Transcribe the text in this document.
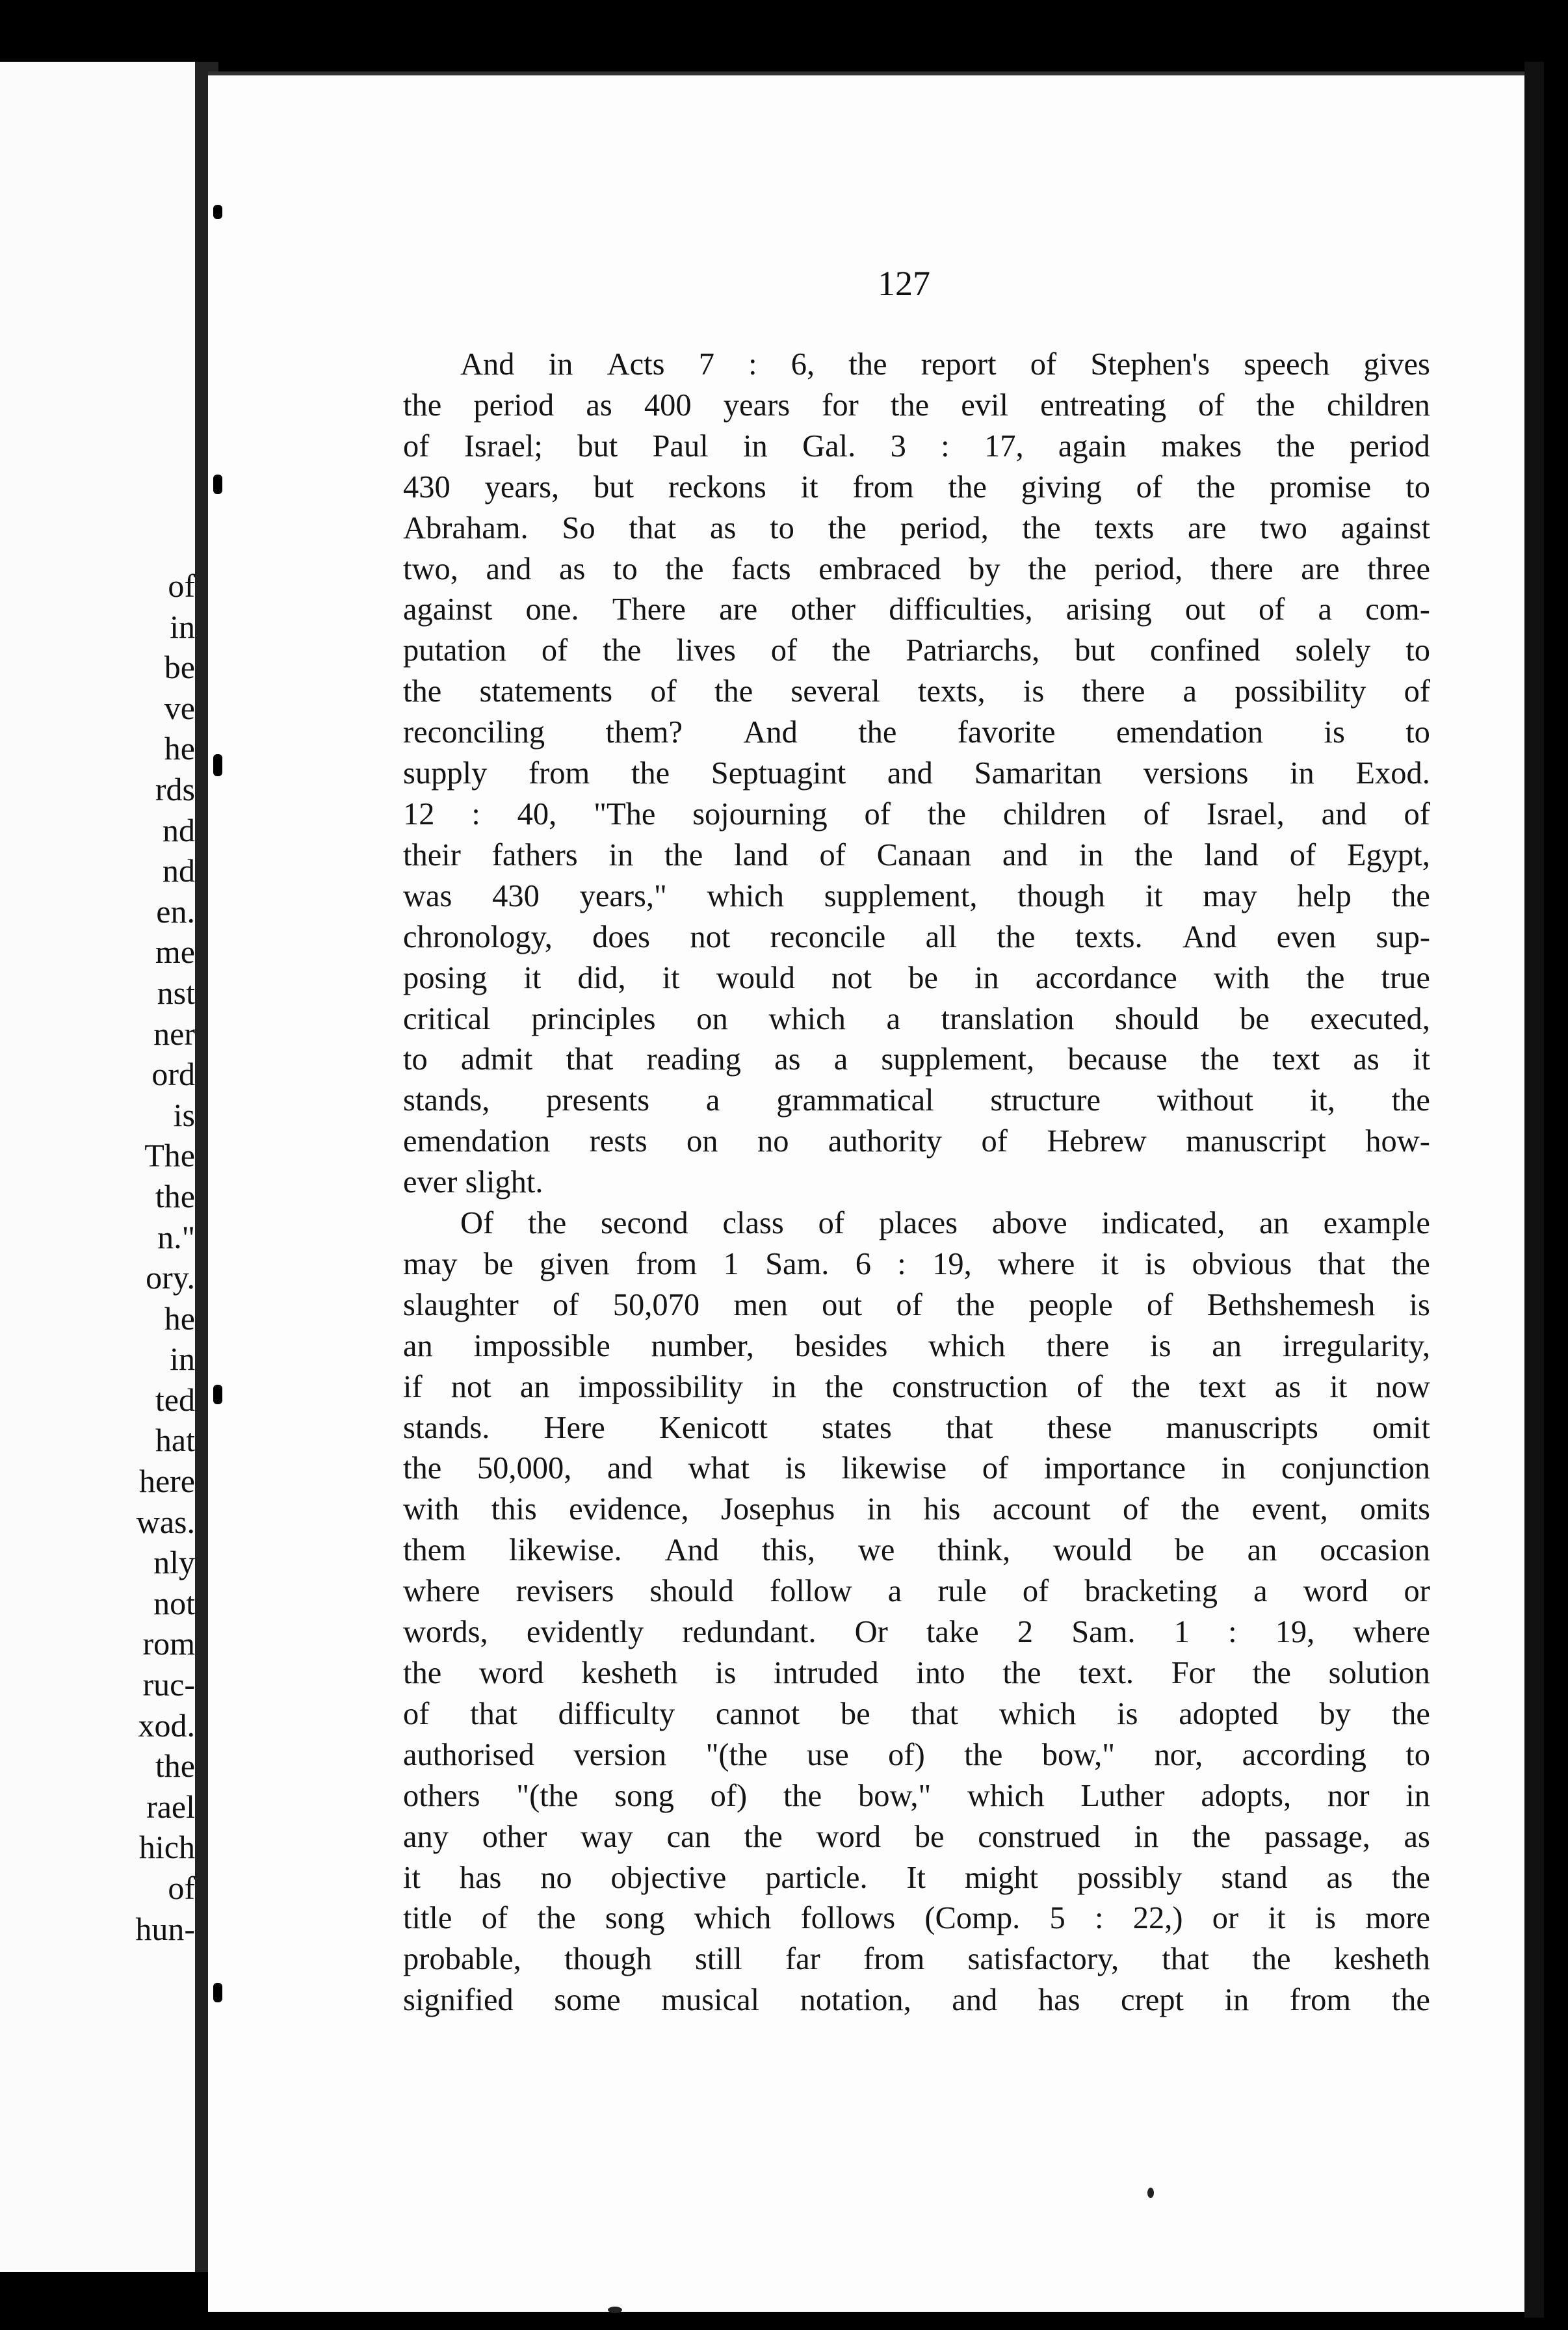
of
in
be
ve
he
rds
nd
nd
en.
me
nst
ner
ord
is
The
the
n."
ory.
he
in
ted
hat
here
was.
nly
not
rom
ruc-
xod.
the
rael
hich
of
hun-
127
And in Acts 7 : 6, the report of Stephen's speech gives
the period as 400 years for the evil entreating of the children
of Israel; but Paul in Gal. 3 : 17, again makes the period
430 years, but reckons it from the giving of the promise to
Abraham. So that as to the period, the texts are two against
two, and as to the facts embraced by the period, there are three
against one. There are other difficulties, arising out of a com-
putation of the lives of the Patriarchs, but confined solely to
the statements of the several texts, is there a possibility of
reconciling them? And the favorite emendation is to
supply from the Septuagint and Samaritan versions in Exod.
12 : 40, "The sojourning of the children of Israel, and of
their fathers in the land of Canaan and in the land of Egypt,
was 430 years," which supplement, though it may help the
chronology, does not reconcile all the texts. And even sup-
posing it did, it would not be in accordance with the true
critical principles on which a translation should be executed,
to admit that reading as a supplement, because the text as it
stands, presents a grammatical structure without it, the
emendation rests on no authority of Hebrew manuscript how-
ever slight.
Of the second class of places above indicated, an example
may be given from 1 Sam. 6 : 19, where it is obvious that the
slaughter of 50,070 men out of the people of Bethshemesh is
an impossible number, besides which there is an irregularity,
if not an impossibility in the construction of the text as it now
stands. Here Kenicott states that these manuscripts omit
the 50,000, and what is likewise of importance in conjunction
with this evidence, Josephus in his account of the event, omits
them likewise. And this, we think, would be an occasion
where revisers should follow a rule of bracketing a word or
words, evidently redundant. Or take 2 Sam. 1 : 19, where
the word kesheth is intruded into the text. For the solution
of that difficulty cannot be that which is adopted by the
authorised version "(the use of) the bow," nor, according to
others "(the song of) the bow," which Luther adopts, nor in
any other way can the word be construed in the passage, as
it has no objective particle. It might possibly stand as the
title of the song which follows (Comp. 5 : 22,) or it is more
probable, though still far from satisfactory, that the kesheth
signified some musical notation, and has crept in from the
